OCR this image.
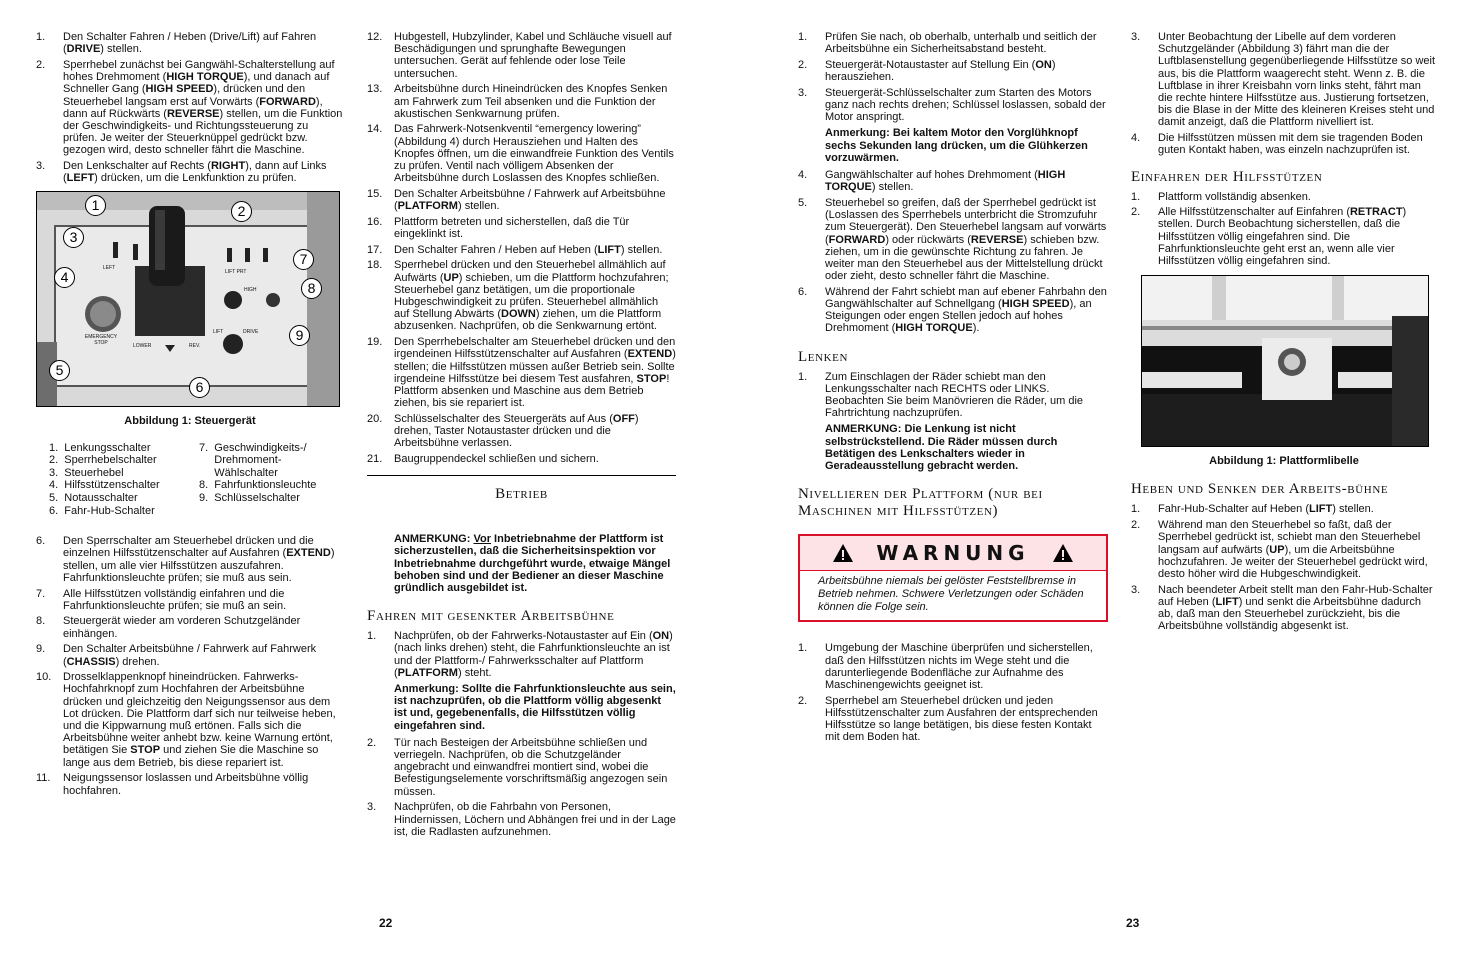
1. Den Schalter Fahren / Heben (Drive/Lift) auf Fahren (DRIVE) stellen.
2. Sperrhebel zunächst bei Gangwähl-Schalterstellung auf hohes Drehmoment (HIGH TORQUE), und danach auf Schneller Gang (HIGH SPEED), drücken und den Steuerhebel langsam erst auf Vorwärts (FORWARD), dann auf Rückwärts (REVERSE) stellen, um die Funktion der Geschwindigkeits- und Richtungssteuerung zu prüfen. Je weiter der Steuerknüppel gedrückt bzw. gezogen wird, desto schneller fährt die Maschine.
3. Den Lenkschalter auf Rechts (RIGHT), dann auf Links (LEFT) drücken, um die Lenkfunktion zu prüfen.
LIFT PRT
EMERGENCY STOP	LOWER	REV.
HIGH
DRIVE
LIFT
LEFT
1	2
3
4
5
6
7
8
9
Abbildung 1: Steuergerät
1.  Lenkungsschalter	7.  Geschwindigkeits-/
2.  Sperrhebelschalter	Drehmoment-
3.  Steuerhebel	Wählschalter
4.  Hilfsstützenschalter	8.  Fahrfunktionsleuchte
5.  Notausschalter	9.  Schlüsselschalter
6.  Fahr-Hub-Schalter
6. Den Sperrschalter am Steuerhebel drücken und die einzelnen Hilfsstützenschalter auf Ausfahren (EXTEND) stellen, um alle vier Hilfsstützen auszufahren. Fahrfunktionsleuchte prüfen; sie muß aus sein.
7. Alle Hilfsstützen vollständig einfahren und die Fahrfunktionsleuchte prüfen; sie muß an sein.
8. Steuergerät wieder am vorderen Schutzgeländer einhängen.
9. Den Schalter Arbeitsbühne / Fahrwerk auf Fahrwerk (CHASSIS) drehen.
10. Drosselklappenknopf hineindrücken. Fahrwerks-Hochfahrknopf zum Hochfahren der Arbeitsbühne drücken und gleichzeitig den Neigungssensor aus dem Lot drücken. Die Plattform darf sich nur teilweise heben, und die Kippwarnung muß ertönen. Falls sich die Arbeitsbühne weiter anhebt bzw. keine Warnung ertönt, betätigen Sie STOP und ziehen Sie die Maschine so lange aus dem Betrieb, bis diese repariert ist.
11. Neigungssensor loslassen und Arbeitsbühne völlig hochfahren.
12. Hubgestell, Hubzylinder, Kabel und Schläuche visuell auf Beschädigungen und sprunghafte Bewegungen untersuchen. Gerät auf fehlende oder lose Teile untersuchen.
13. Arbeitsbühne durch Hineindrücken des Knopfes Senken am Fahrwerk zum Teil absenken und die Funktion der akustischen Senkwarnung prüfen.
14. Das Fahrwerk-Notsenkventil “emergency lowering” (Abbildung 4) durch Herausziehen und Halten des Knopfes öffnen, um die einwandfreie Funktion des Ventils zu prüfen. Ventil nach völligem Absenken der Arbeitsbühne durch Loslassen des Knopfes schließen.
15. Den Schalter Arbeitsbühne / Fahrwerk auf Arbeitsbühne (PLATFORM) stellen.
16. Plattform betreten und sicherstellen, daß die Tür eingeklinkt ist.
17. Den Schalter Fahren / Heben auf Heben (LIFT) stellen.
18. Sperrhebel drücken und den Steuerhebel allmählich auf Aufwärts (UP) schieben, um die Plattform hochzufahren; Steuerhebel ganz betätigen, um die proportionale Hubgeschwindigkeit zu prüfen. Steuerhebel allmählich auf Stellung Abwärts (DOWN) ziehen, um die Plattform abzusenken. Nachprüfen, ob die Senkwarnung ertönt.
19. Den Sperrhebelschalter am Steuerhebel drücken und den irgendeinen Hilfsstützenschalter auf Ausfahren (EXTEND) stellen; die Hilfsstützen müssen außer Betrieb sein. Sollte irgendeine Hilfsstütze bei diesem Test ausfahren, STOP! Plattform absenken und Maschine aus dem Betrieb ziehen, bis sie repariert ist.
20. Schlüsselschalter des Steuergeräts auf Aus (OFF) drehen, Taster Notaustaster drücken und die Arbeitsbühne verlassen.
21. Baugruppendeckel schließen und sichern.
Betrieb
ANMERKUNG: Vor Inbetriebnahme der Plattform ist sicherzustellen, daß die Sicherheitsinspektion vor Inbetriebnahme durchgeführt wurde, etwaige Mängel behoben sind und der Bediener an dieser Maschine gründlich ausgebildet ist.
Fahren mit gesenkter Arbeitsbühne
1. Nachprüfen, ob der Fahrwerks-Notaustaster auf Ein (ON) (nach links drehen) steht, die Fahrfunktionsleuchte an ist und der Plattform-/ Fahrwerksschalter auf Plattform (PLATFORM) steht.
Anmerkung: Sollte die Fahrfunktionsleuchte aus sein, ist nachzuprüfen, ob die Plattform völlig abgesenkt ist und, gegebenenfalls, die Hilfsstützen völlig eingefahren sind.
2. Tür nach Besteigen der Arbeitsbühne schließen und verriegeln. Nachprüfen, ob die Schutzgeländer angebracht und einwandfrei montiert sind, wobei die Befestigungselemente vorschriftsmäßig angezogen sein müssen.
3. Nachprüfen, ob die Fahrbahn von Personen, Hindernissen, Löchern und Abhängen frei und in der Lage ist, die Radlasten aufzunehmen.
22
1. Prüfen Sie nach, ob oberhalb, unterhalb und seitlich der Arbeitsbühne ein Sicherheitsabstand besteht.
2. Steuergerät-Notaustaster auf Stellung Ein (ON) herausziehen.
3. Steuergerät-Schlüsselschalter zum Starten des Motors ganz nach rechts drehen; Schlüssel loslassen, sobald der Motor anspringt.
Anmerkung: Bei kaltem Motor den Vorglühknopf sechs Sekunden lang drücken, um die Glühkerzen vorzuwärmen.
4. Gangwählschalter auf hohes Drehmoment (HIGH TORQUE) stellen.
5. Steuerhebel so greifen, daß der Sperrhebel gedrückt ist (Loslassen des Sperrhebels unterbricht die Stromzufuhr zum Steuergerät). Den Steuerhebel langsam auf vorwärts (FORWARD) oder rückwärts (REVERSE) schieben bzw. ziehen, um in die gewünschte Richtung zu fahren. Je weiter man den Steuerhebel aus der Mittelstellung drückt oder zieht, desto schneller fährt die Maschine.
6. Während der Fahrt schiebt man auf ebener Fahrbahn den Gangwählschalter auf Schnellgang (HIGH SPEED), an Steigungen oder engen Stellen jedoch auf hohes Drehmoment (HIGH TORQUE).
Lenken
1. Zum Einschlagen der Räder schiebt man den Lenkungsschalter nach RECHTS oder LINKS. Beobachten Sie beim Manövrieren die Räder, um die Fahrtrichtung nachzuprüfen.
ANMERKUNG: Die Lenkung ist nicht selbstrückstellend. Die Räder müssen durch Betätigen des Lenkschalters wieder in Geradeausstellung gebracht werden.
Nivellieren der Plattform (nur bei Maschinen mit Hilfsstützen)
WARNUNG
Arbeitsbühne niemals bei gelöster Feststellbremse in Betrieb nehmen. Schwere Verletzungen oder Schäden können die Folge sein.
1. Umgebung der Maschine überprüfen und sicherstellen, daß den Hilfsstützen nichts im Wege steht und die darunterliegende Bodenfläche zur Aufnahme des Maschinengewichts geeignet ist.
2. Sperrhebel am Steuerhebel drücken und jeden Hilfsstützenschalter zum Ausfahren der entsprechenden Hilfsstütze so lange betätigen, bis diese festen Kontakt mit dem Boden hat.
3. Unter Beobachtung der Libelle auf dem vorderen Schutzgeländer (Abbildung 3) fährt man die der Luftblasenstellung gegenüberliegende Hilfsstütze so weit aus, bis die Plattform waagerecht steht. Wenn z. B. die Luftblase in ihrer Kreisbahn vorn links steht, fährt man die rechte hintere Hilfsstütze aus. Justierung fortsetzen, bis die Blase in der Mitte des kleineren Kreises steht und damit anzeigt, daß die Plattform nivelliert ist.
4. Die Hilfsstützen müssen mit dem sie tragenden Boden guten Kontakt haben, was einzeln nachzuprüfen ist.
Einfahren der Hilfsstützen
1. Plattform vollständig absenken.
2. Alle Hilfsstützenschalter auf Einfahren (RETRACT) stellen. Durch Beobachtung sicherstellen, daß die Hilfsstützen völlig eingefahren sind. Die Fahrfunktionsleuchte geht erst an, wenn alle vier Hilfsstützen völlig eingefahren sind.
Abbildung 1: Plattformlibelle
Heben und Senken der Arbeits-bühne
1. Fahr-Hub-Schalter auf Heben (LIFT) stellen.
2. Während man den Steuerhebel so faßt, daß der Sperrhebel gedrückt ist, schiebt man den Steuerhebel langsam auf aufwärts (UP), um die Arbeitsbühne hochzufahren. Je weiter der Steuerhebel gedrückt wird, desto höher wird die Hubgeschwindigkeit.
3. Nach beendeter Arbeit stellt man den Fahr-Hub-Schalter auf Heben (LIFT) und senkt die Arbeitsbühne dadurch ab, daß man den Steuerhebel zurückzieht, bis die Arbeitsbühne vollständig abgesenkt ist.
23
